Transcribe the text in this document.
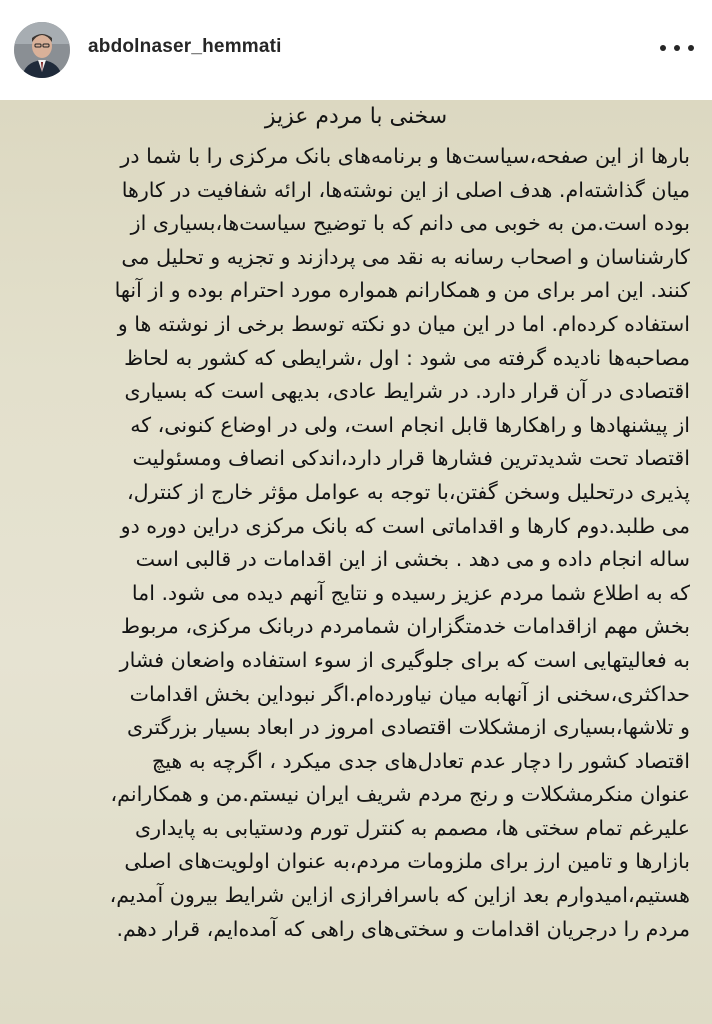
abdolnaser_hemmati
سخنی با مردم عزیز
بارها از این صفحه،سیاست‌ها و برنامه‌های بانک مرکزی را با شما در
میان گذاشته‌ام. هدف اصلی از این نوشته‌ها، ارائه شفافیت در کارها
بوده است.من به خوبی می دانم که با توضیح سیاست‌ها،بسیاری از
کارشناسان و اصحاب رسانه به نقد می پردازند و تجزیه و تحلیل می
کنند. این امر برای من و همکارانم همواره مورد احترام بوده و از آنها
استفاده کرده‌ام. اما در این میان دو نکته توسط برخی از نوشته ها و
مصاحبه‌ها نادیده گرفته می شود : اول ،شرایطی که کشور به لحاظ
اقتصادی در آن قرار دارد. در شرایط عادی، بدیهی است که بسیاری
از پیشنهادها و راهکارها قابل انجام است، ولی در اوضاع کنونی، که
اقتصاد تحت شدیدترین فشارها قرار دارد،اندکی انصاف ومسئولیت
پذیری درتحلیل وسخن گفتن،با توجه به عوامل مؤثر خارج از کنترل،
می طلبد.دوم کارها و اقداماتی است که بانک مرکزی دراین دوره دو
ساله انجام داده و می دهد . بخشی از این اقدامات در قالبی است
که به اطلاع شما مردم عزیز رسیده و نتایج آنهم دیده می شود. اما
بخش مهم ازاقدامات خدمتگزاران شمامردم دربانک مرکزی، مربوط
به فعالیتهایی است که برای جلوگیری از سوء استفاده واضعان فشار
حداکثری،سخنی از آنهابه میان نیاورده‌ام.اگر نبوداین بخش اقدامات
و تلاشها،بسیاری ازمشکلات اقتصادی امروز در ابعاد بسیار بزرگتری
اقتصاد کشور را دچار عدم تعادل‌های جدی میکرد ، اگرچه به هیچ
عنوان منکرمشکلات و رنج مردم شریف ایران نیستم.من و همکارانم،
علیرغم تمام سختی ها، مصمم به کنترل تورم ودستیابی به پایداری
بازارها و تامین ارز برای ملزومات مردم،به عنوان اولویت‌های اصلی
هستیم،امیدوارم بعد ازاین که باسرافرازی ازاین شرایط بیرون آمدیم،
مردم را درجریان اقدامات و سختی‌های راهی که آمده‌ایم، قرار دهم.
